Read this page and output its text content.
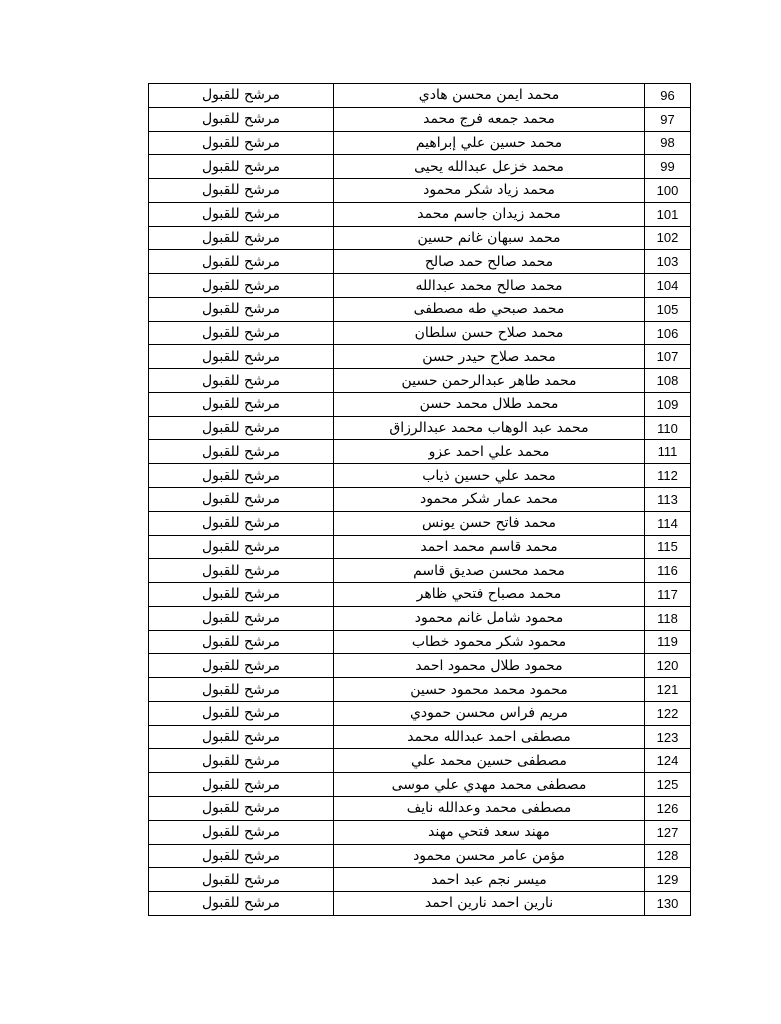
96	محمد ايمن محسن هادي	مرشح للقبول
97	محمد جمعه فرج محمد	مرشح للقبول
98	محمد حسين علي إبراهيم	مرشح للقبول
99	محمد خزعل عبدالله يحيى	مرشح للقبول
100	محمد زياد شكر محمود	مرشح للقبول
101	محمد زيدان جاسم محمد	مرشح للقبول
102	محمد سبهان غانم حسين	مرشح للقبول
103	محمد صالح حمد صالح	مرشح للقبول
104	محمد صالح محمد عبدالله	مرشح للقبول
105	محمد صبحي طه مصطفى	مرشح للقبول
106	محمد صلاح حسن سلطان	مرشح للقبول
107	محمد صلاح حيدر حسن	مرشح للقبول
108	محمد طاهر عبدالرحمن حسين	مرشح للقبول
109	محمد طلال محمد حسن	مرشح للقبول
110	محمد عبد الوهاب محمد عبدالرزاق	مرشح للقبول
111	محمد علي احمد عزو	مرشح للقبول
112	محمد علي حسين ذياب	مرشح للقبول
113	محمد عمار شكر محمود	مرشح للقبول
114	محمد فاتح حسن يونس	مرشح للقبول
115	محمد قاسم محمد احمد	مرشح للقبول
116	محمد محسن صديق قاسم	مرشح للقبول
117	محمد مصباح فتحي ظاهر	مرشح للقبول
118	محمود شامل غانم محمود	مرشح للقبول
119	محمود شكر محمود خطاب	مرشح للقبول
120	محمود طلال محمود احمد	مرشح للقبول
121	محمود محمد محمود حسين	مرشح للقبول
122	مريم فراس محسن حمودي	مرشح للقبول
123	مصطفى احمد عبدالله محمد	مرشح للقبول
124	مصطفى حسين محمد علي	مرشح للقبول
125	مصطفى محمد مهدي علي موسى	مرشح للقبول
126	مصطفى محمد وعدالله نايف	مرشح للقبول
127	مهند سعد فتحي مهند	مرشح للقبول
128	مؤمن عامر محسن محمود	مرشح للقبول
129	ميسر نجم عبد احمد	مرشح للقبول
130	نارين احمد نارين احمد	مرشح للقبول
